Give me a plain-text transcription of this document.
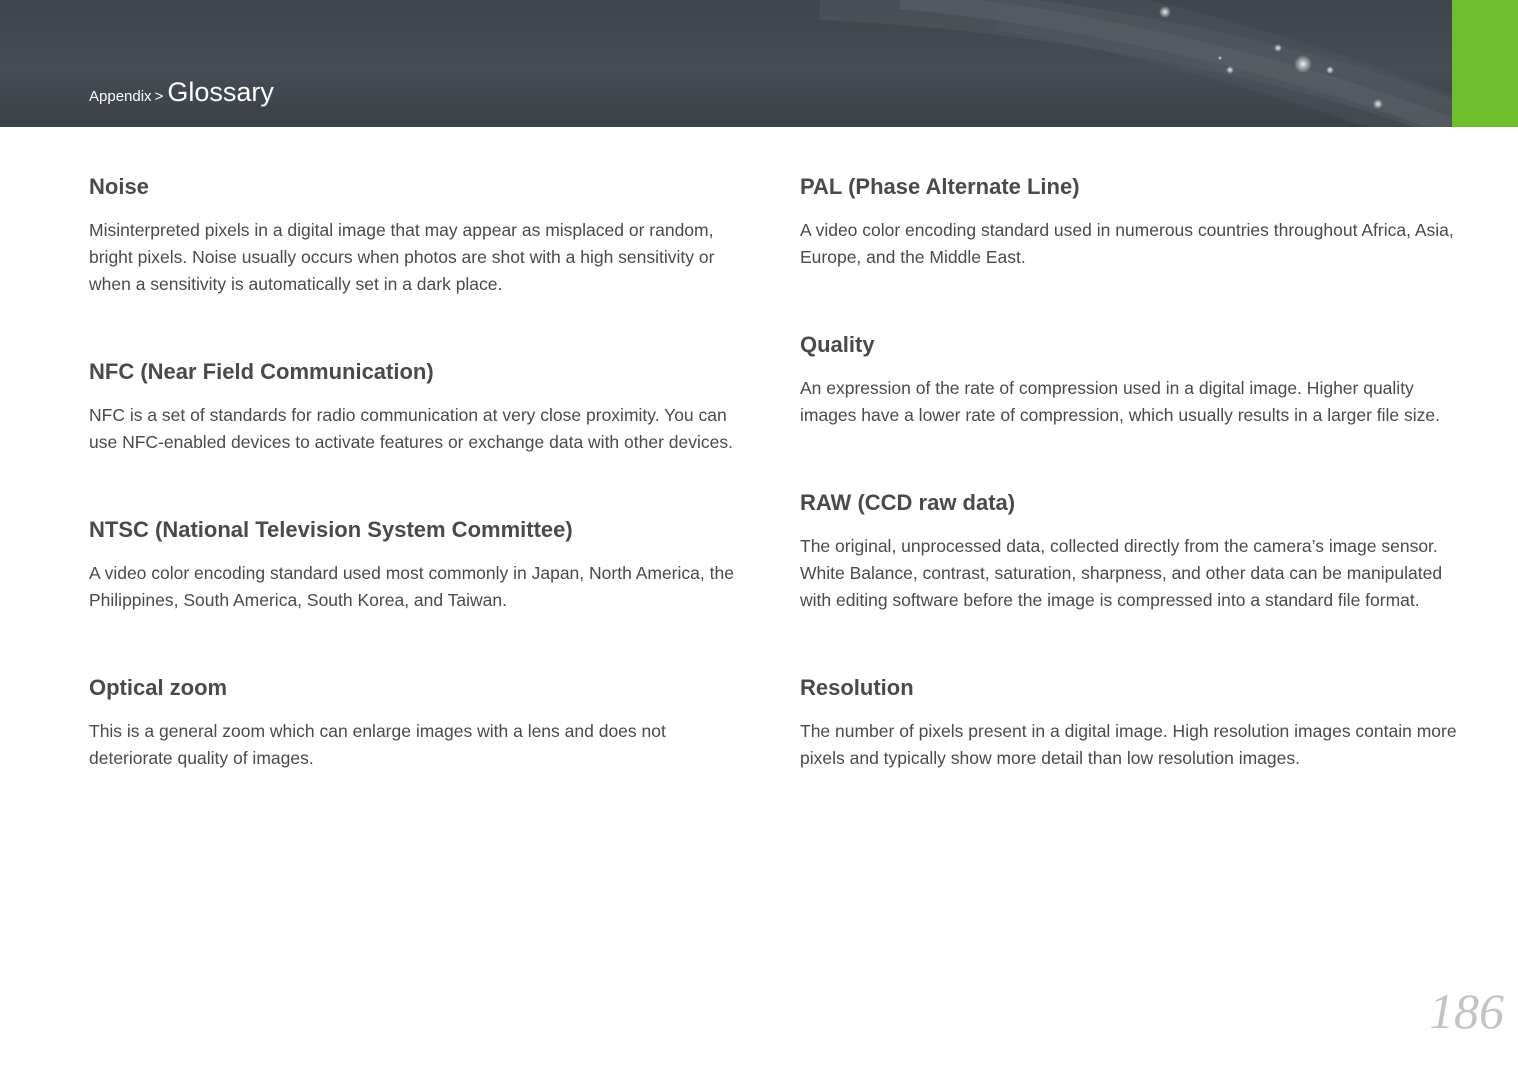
Appendix > Glossary
Noise

Misinterpreted pixels in a digital image that may appear as misplaced or random, bright pixels. Noise usually occurs when photos are shot with a high sensitivity or when a sensitivity is automatically set in a dark place.

NFC (Near Field Communication)

NFC is a set of standards for radio communication at very close proximity. You can use NFC-enabled devices to activate features or exchange data with other devices.

NTSC (National Television System Committee)

A video color encoding standard used most commonly in Japan, North America, the Philippines, South America, South Korea, and Taiwan.

Optical zoom

This is a general zoom which can enlarge images with a lens and does not deteriorate quality of images.

PAL (Phase Alternate Line)

A video color encoding standard used in numerous countries throughout Africa, Asia, Europe, and the Middle East.

Quality

An expression of the rate of compression used in a digital image. Higher quality images have a lower rate of compression, which usually results in a larger file size.

RAW (CCD raw data)

The original, unprocessed data, collected directly from the camera’s image sensor. White Balance, contrast, saturation, sharpness, and other data can be manipulated with editing software before the image is compressed into a standard file format.

Resolution

The number of pixels present in a digital image. High resolution images contain more pixels and typically show more detail than low resolution images.

186
